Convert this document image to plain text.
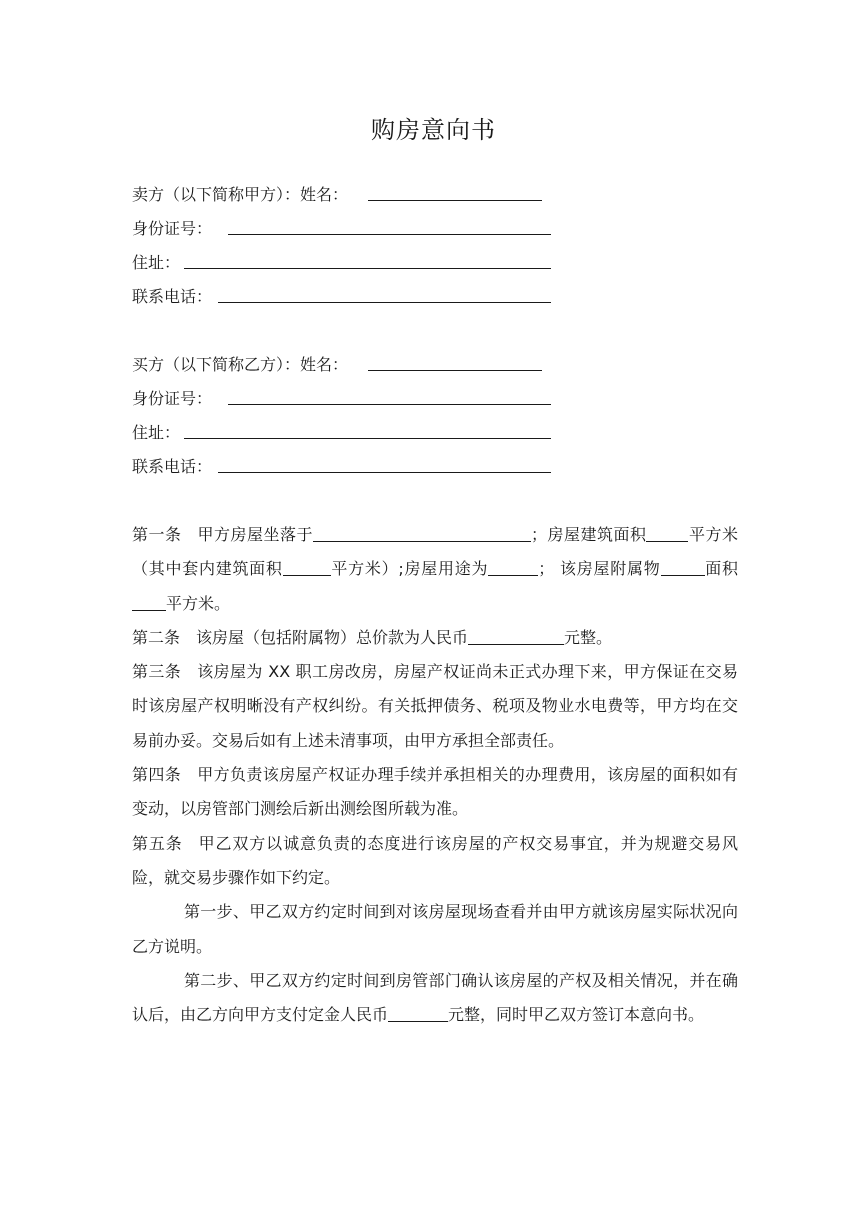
购房意向书
卖方（以下简称甲方）：姓名：
身份证号：
住址：
联系电话：
买方（以下简称乙方）：姓名：
身份证号：
住址：
联系电话：

第一条 甲方房屋坐落于	；房屋建筑面积	平方米（其中套内建筑面积	平方米）;房屋用途为	； 该房屋附属物	面积平方米。

第二条 该房屋（包括附属物）总价款为人民币	元整。

第三条 该房屋为 XX 职工房改房，房屋产权证尚未正式办理下来，甲方保证在交易时该房屋产权明晰没有产权纠纷。有关抵押债务、税项及物业水电费等，甲方均在交易前办妥。交易后如有上述未清事项，由甲方承担全部责任。

第四条 甲方负责该房屋产权证办理手续并承担相关的办理费用，该房屋的面积如有变动，以房管部门测绘后新出测绘图所载为准。

第五条 甲乙双方以诚意负责的态度进行该房屋的产权交易事宜，并为规避交易风险，就交易步骤作如下约定。

第一步、甲乙双方约定时间到对该房屋现场查看并由甲方就该房屋实际状况向乙方说明。

第二步、甲乙双方约定时间到房管部门确认该房屋的产权及相关情况，并在确认后，由乙方向甲方支付定金人民币	元整，同时甲乙双方签订本意向书。
